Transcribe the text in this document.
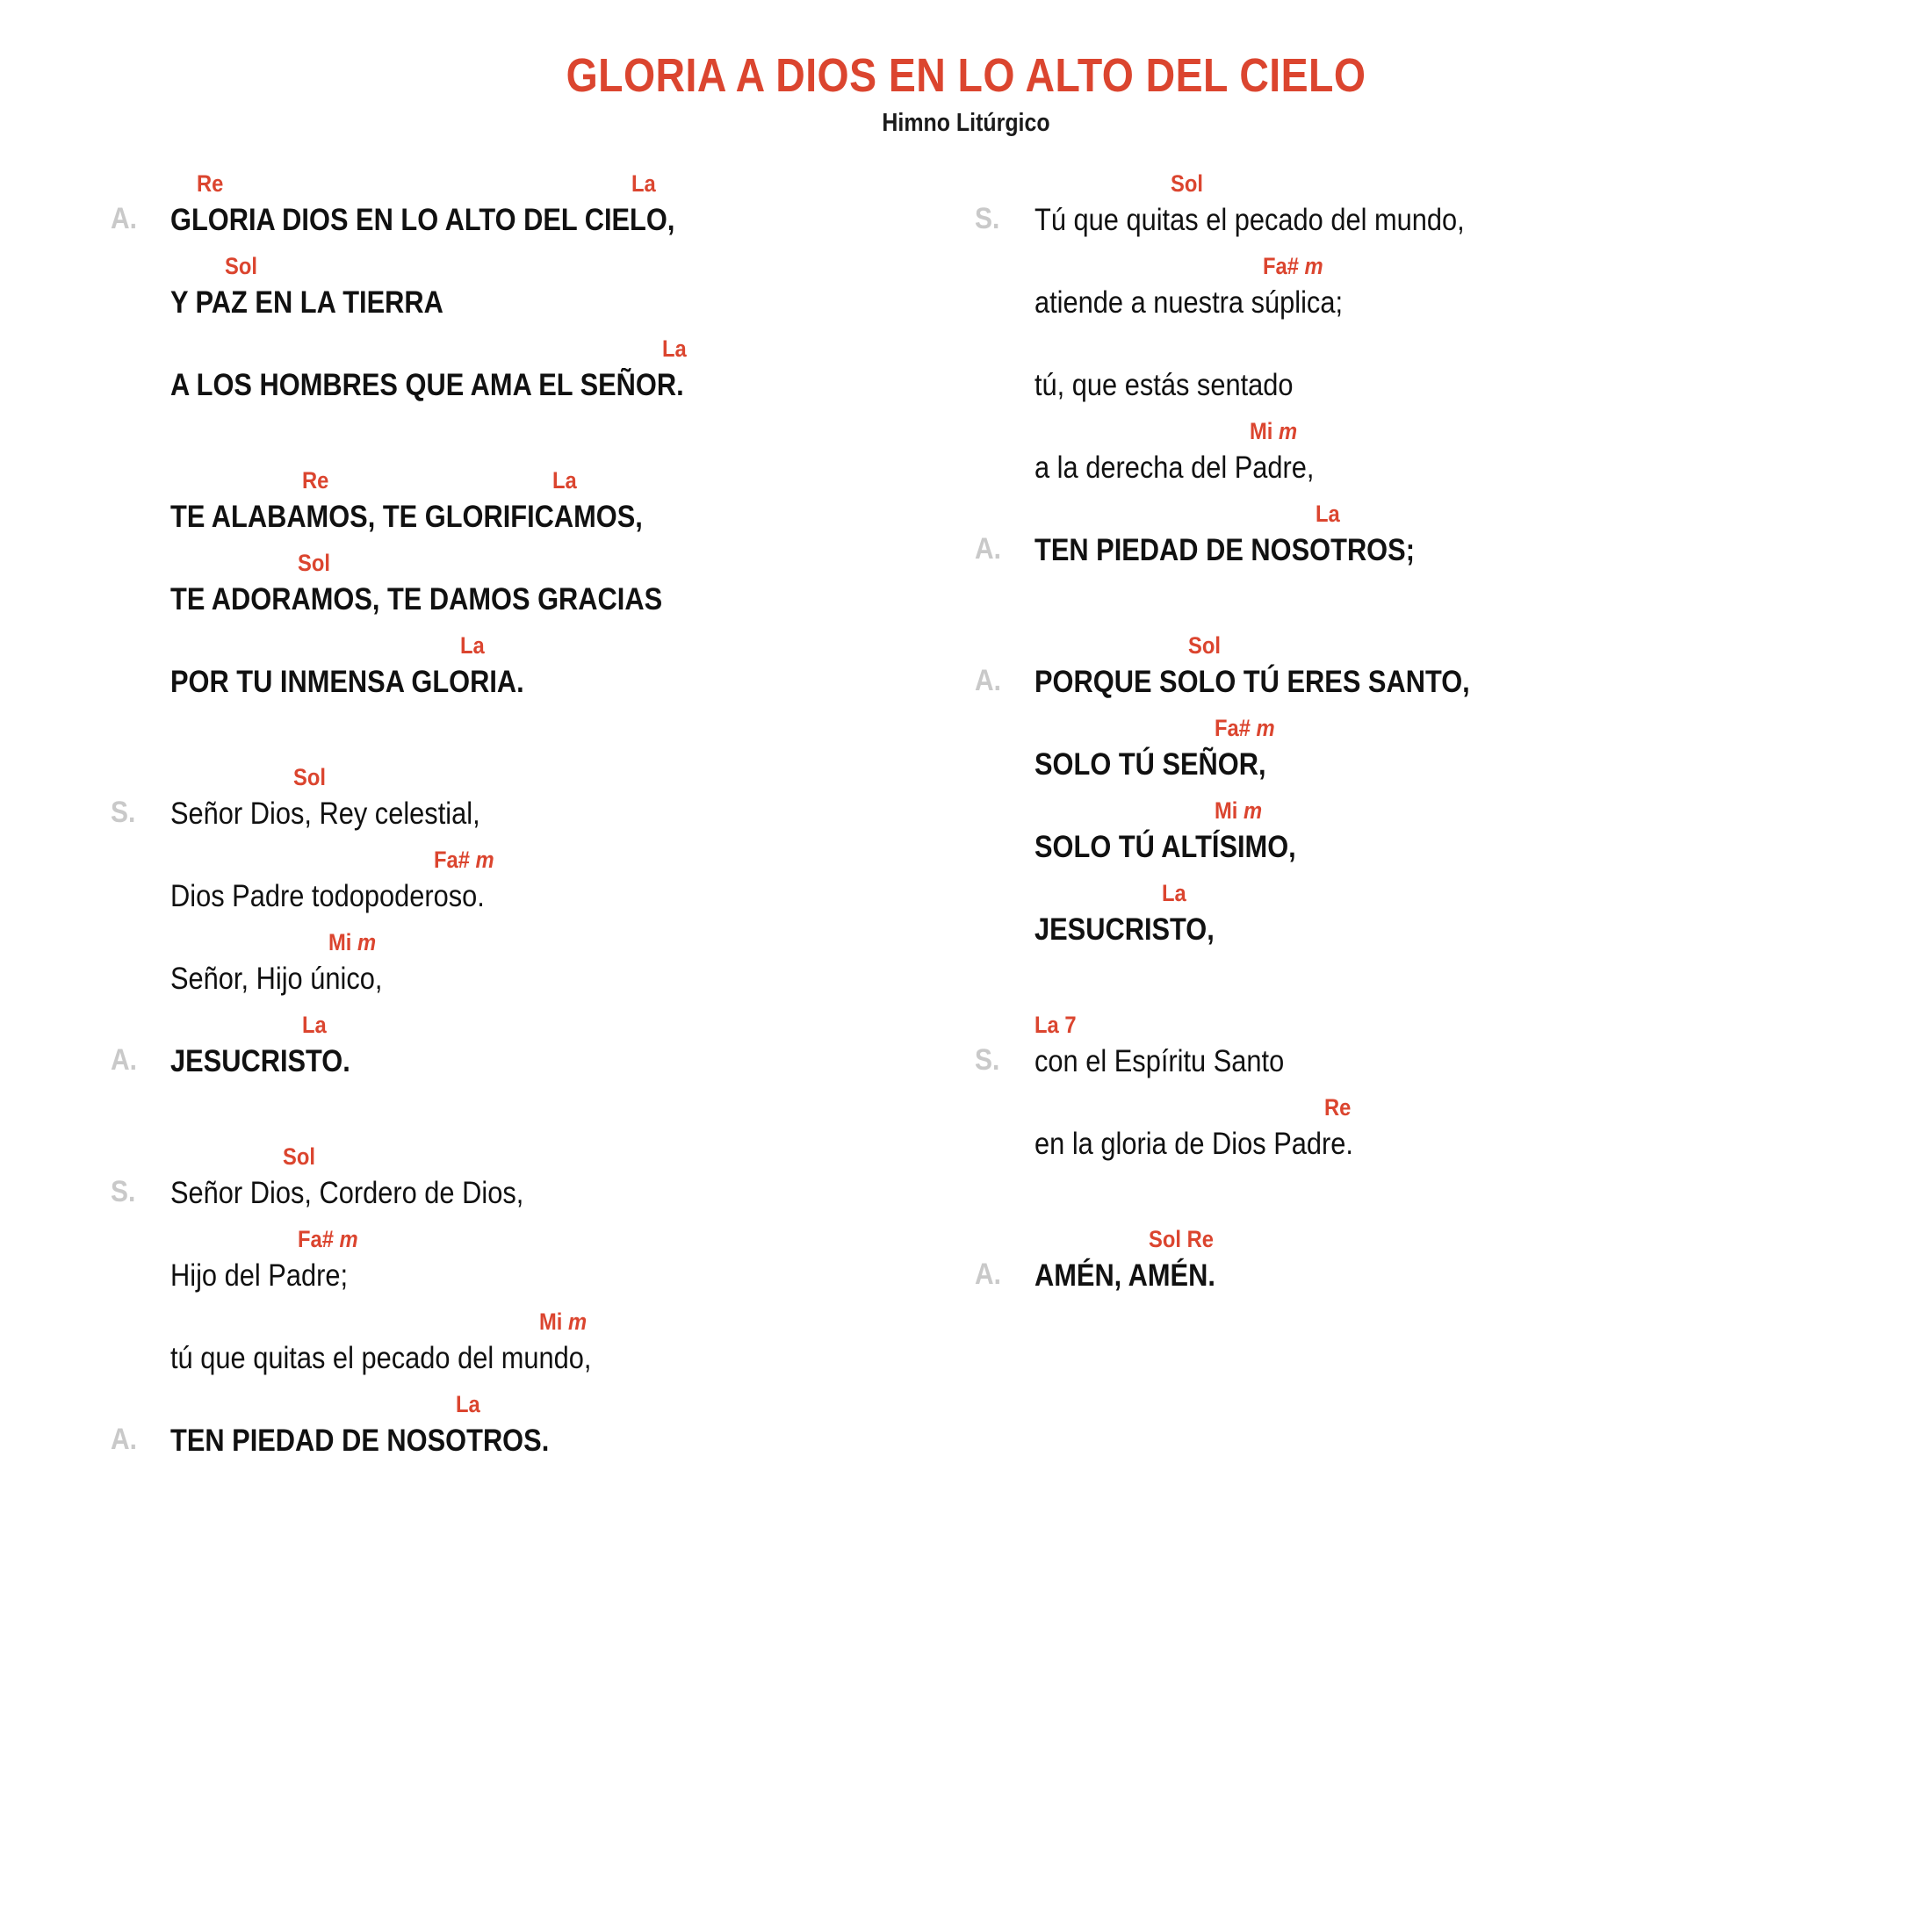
GLORIA A DIOS EN LO ALTO DEL CIELO
Himno Litúrgico
Re	La
A.	GLORIA DIOS EN LO ALTO DEL CIELO,
Sol
Y PAZ EN LA TIERRA
La
A LOS HOMBRES QUE AMA EL SEÑOR.
Re	La
TE ALABAMOS, TE GLORIFICAMOS,
Sol
TE ADORAMOS, TE DAMOS GRACIAS
La
POR TU INMENSA GLORIA.
Sol
S.	Señor Dios, Rey celestial,
Fa# m
Dios Padre todopoderoso.
Mi m
Señor, Hijo único,
La
A.	JESUCRISTO.
Sol
S.	Señor Dios, Cordero de Dios,
Fa# m
Hijo del Padre;
Mi m
tú que quitas el pecado del mundo,
La
A.	TEN PIEDAD DE NOSOTROS.
Sol
S.	Tú que quitas el pecado del mundo,
Fa# m
atiende a nuestra súplica;
tú, que estás sentado
Mi m
a la derecha del Padre,
La
A.	TEN PIEDAD DE NOSOTROS;
Sol
A.	PORQUE SOLO TÚ ERES SANTO,
Fa# m
SOLO TÚ SEÑOR,
Mi m
SOLO TÚ ALTÍSIMO,
La
JESUCRISTO,
La 7
S.	con el Espíritu Santo
Re
en la gloria de Dios Padre.
Sol Re
A.	AMÉN, AMÉN.
